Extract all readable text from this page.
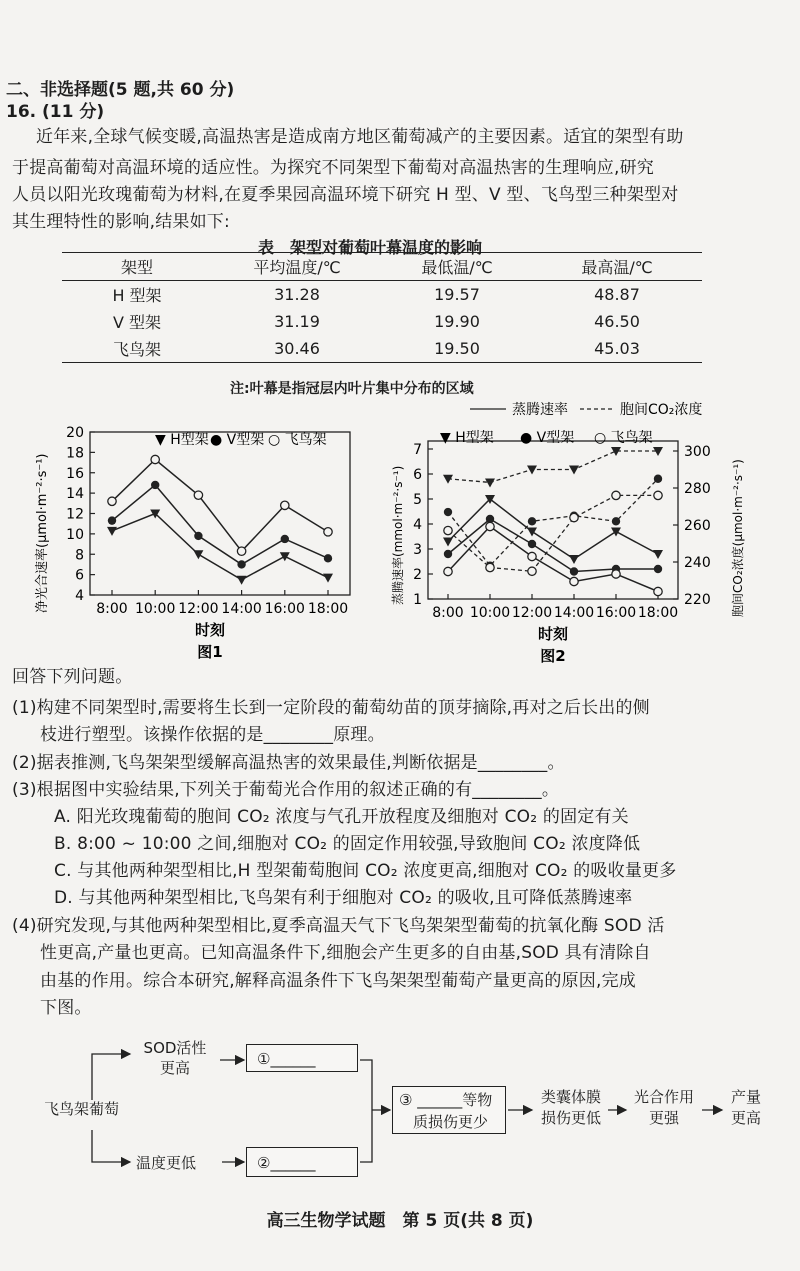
二、非选择题(5 题,共 60 分)
16. (11 分)
近年来,全球气候变暖,高温热害是造成南方地区葡萄减产的主要因素。适宜的架型有助
于提高葡萄对高温环境的适应性。为探究不同架型下葡萄对高温热害的生理响应,研究
人员以阳光玫瑰葡萄为材料,在夏季果园高温环境下研究 H 型、V 型、飞鸟型三种架型对
其生理特性的影响,结果如下:
表　架型对葡萄叶幕温度的影响
架型	平均温度/℃	最低温/℃	最高温/℃
H 型架	31.28	19.57	48.87
V 型架	31.19	19.90	46.50
飞鸟架	30.46	19.50	45.03
注:叶幕是指冠层内叶片集中分布的区域
4
6
8
10
12
14
16
18
20
8:00 10:00 12:00 14:00 16:00 18:00
▼ H型架 ● V型架 ○ 飞鸟架
净光合速率(μmol·m⁻²·s⁻¹)
时刻
图1
蒸腾速率	胞间CO₂浓度
1
2
3
4
5
6
7
220
240
260
280
300
8:00 10:00 12:00 14:00 16:00 18:00
▼ H型架 ● V型架 ○ 飞鸟架
蒸腾速率(mmol·m⁻²·s⁻¹)	胞间CO₂浓度(μmol·m⁻²·s⁻¹)
时刻
图2
回答下列问题。
(1)构建不同架型时,需要将生长到一定阶段的葡萄幼苗的顶芽摘除,再对之后长出的侧
枝进行塑型。该操作依据的是________原理。
(2)据表推测,飞鸟架架型缓解高温热害的效果最佳,判断依据是________。
(3)根据图中实验结果,下列关于葡萄光合作用的叙述正确的有________。
A. 阳光玫瑰葡萄的胞间 CO₂ 浓度与气孔开放程度及细胞对 CO₂ 的固定有关
B. 8:00 ~ 10:00 之间,细胞对 CO₂ 的固定作用较强,导致胞间 CO₂ 浓度降低
C. 与其他两种架型相比,H 型架葡萄胞间 CO₂ 浓度更高,细胞对 CO₂ 的吸收量更多
D. 与其他两种架型相比,飞鸟架有利于细胞对 CO₂ 的吸收,且可降低蒸腾速率
(4)研究发现,与其他两种架型相比,夏季高温天气下飞鸟架架型葡萄的抗氧化酶 SOD 活
性更高,产量也更高。已知高温条件下,细胞会产生更多的自由基,SOD 具有清除自
由基的作用。综合本研究,解释高温条件下飞鸟架架型葡萄产量更高的原因,完成
下图。
飞鸟架葡萄
SOD活性
更高
温度更低
①______
②______
③ ______等物
质损伤更少
类囊体膜
损伤更低
光合作用
更强
产量
更高
高三生物学试题　第 5 页(共 8 页)
